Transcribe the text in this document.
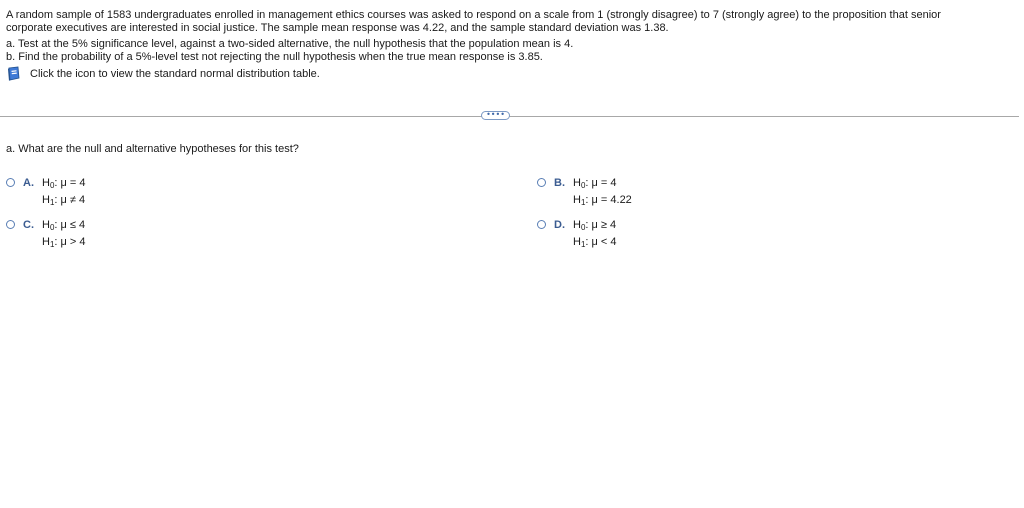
A random sample of 1583 undergraduates enrolled in management ethics courses was asked to respond on a scale from 1 (strongly disagree) to 7 (strongly agree) to the proposition that senior

corporate executives are interested in social justice. The sample mean response was 4.22, and the sample standard deviation was 1.38.

a. Test at the 5% significance level, against a two-sided alternative, the null hypothesis that the population mean is 4.

b. Find the probability of a 5%-level test not rejecting the null hypothesis when the true mean response is 3.85.

Click the icon to view the standard normal distribution table.
••••
a. What are the null and alternative hypotheses for this test?
A. $H_0$: μ = 4
$H_1$: μ ≠ 4
B. $H_0$: μ = 4
$H_1$: μ = 4.22
C. $H_0$: μ ≤ 4
$H_1$: μ > 4
D. $H_0$: μ ≥ 4
$H_1$: μ < 4
